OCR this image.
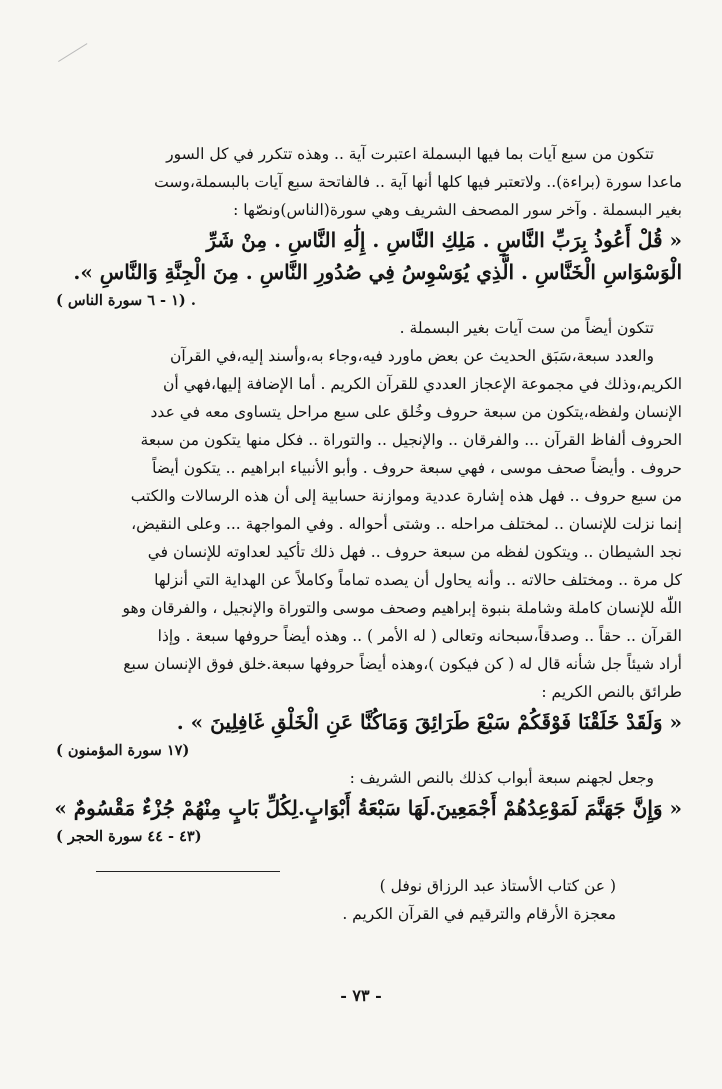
تتكون من سبع آيات بما فيها البسملة اعتبرت آية .. وهذه تتكرر في كل السور
ماعدا سورة (براءة).. ولاتعتبر فيها كلها أنها آية .. فالفاتحة سبع آيات بالبسملة،وست
بغير البسملة . وآخر سور المصحف الشريف وهي سورة(الناس)ونصّها :
« قُلْ أَعُوذُ بِرَبِّ النَّاسِ . مَلِكِ النَّاسِ . إِلَٰهِ النَّاسِ . مِنْ شَرِّ
الْوَسْوَاسِ الْخَنَّاسِ . الَّذِي يُوَسْوِسُ فِي صُدُورِ النَّاسِ . مِنَ الْجِنَّةِ وَالنَّاسِ ».
. (١ - ٦ سورة الناس )
تتكون أيضاً من ست آيات بغير البسملة .
والعدد سبعة،سَبَق الحديث عن بعض ماورد فيه،وجاء به،وأسند إليه،في القرآن
الكريم،وذلك في مجموعة الإعجاز العددي للقرآن الكريم . أما الإضافة إليها،فهي أن
الإنسان ولفظه،يتكون من سبعة حروف وخُلق على سبع مراحل يتساوى معه في عدد
الحروف ألفاظ القرآن ... والفرقان .. والإنجيل .. والتوراة .. فكل منها يتكون من سبعة
حروف . وأيضاً صحف موسى ، فهي سبعة حروف . وأبو الأنبياء ابراهيم .. يتكون أيضاً
من سبع حروف .. فهل هذه إشارة عددية وموازنة حسابية إلى أن هذه الرسالات والكتب
إنما نزلت للإنسان .. لمختلف مراحله .. وشتى أحواله . وفي المواجهة ... وعلى النقيض،
نجد الشيطان .. ويتكون لفظه من سبعة حروف .. فهل ذلك تأكيد لعداوته للإنسان في
كل مرة .. ومختلف حالاته .. وأنه يحاول أن يصده تماماً وكاملاً عن الهداية التي أنزلها
اللّٰه للإنسان كاملة وشاملة بنبوة إبراهيم وصحف موسى والتوراة والإنجيل ، والفرقان وهو
القرآن .. حقاً .. وصدقاً،سبحانه وتعالى ( له الأمر ) .. وهذه أيضاً حروفها سبعة . وإذا
أراد شيئاً جل شأنه قال له ( كن فيكون )،وهذه أيضاً حروفها سبعة.خلق فوق الإنسان سبع
طرائق بالنص الكريم :
« وَلَقَدْ خَلَقْنَا فَوْقَكُمْ سَبْعَ طَرَائِقَ وَمَاكُنَّا عَنِ الْخَلْقِ غَافِلِينَ » .
(١٧ سورة المؤمنون )
وجعل لجهنم سبعة أبواب كذلك بالنص الشريف :
« وَإِنَّ جَهَنَّمَ لَمَوْعِدُهُمْ أَجْمَعِينَ.لَهَا سَبْعَةُ أَبْوَابٍ.لِكُلِّ بَابٍ مِنْهُمْ جُزْءٌ مَقْسُومٌ »
(٤٣ - ٤٤ سورة الحجر )
( عن كتاب الأستاذ عبد الرزاق نوفل )
معجزة الأرقام والترقيم في القرآن الكريم .
- ٧٣ -
